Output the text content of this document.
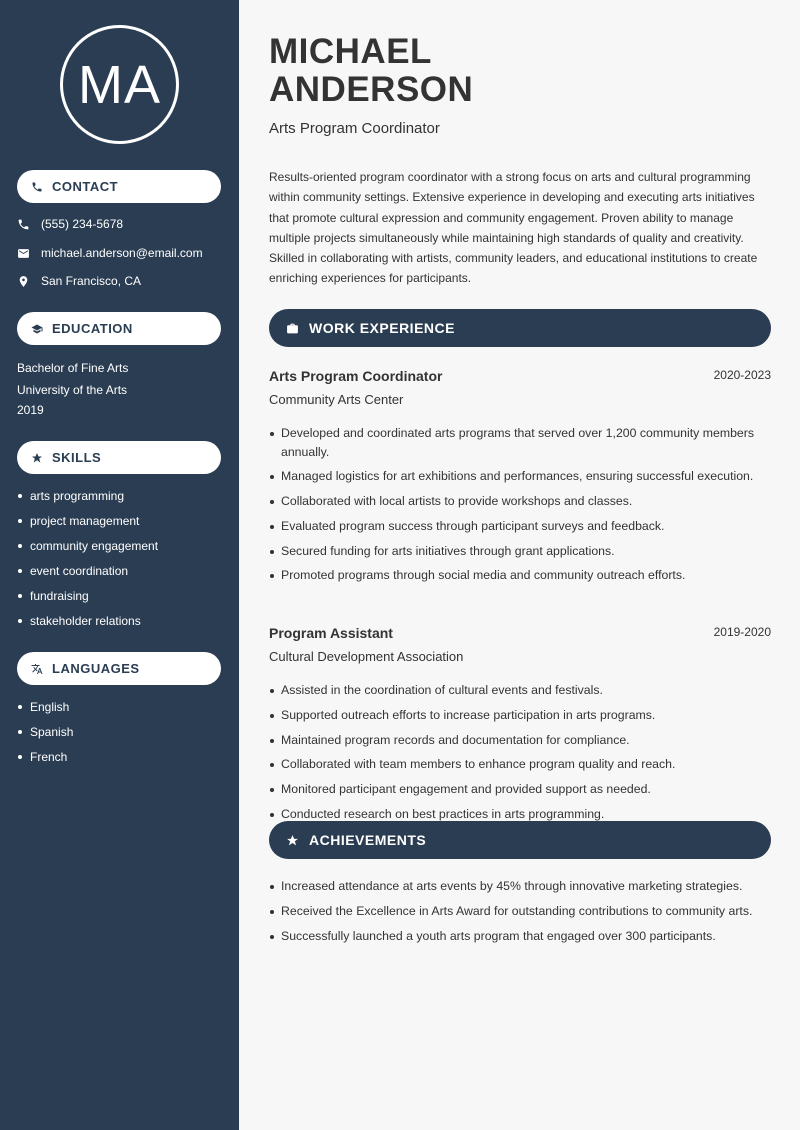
MA
CONTACT
(555) 234-5678
michael.anderson@email.com
San Francisco, CA
EDUCATION
Bachelor of Fine Arts
University of the Arts
2019
SKILLS
arts programming
project management
community engagement
event coordination
fundraising
stakeholder relations
LANGUAGES
English
Spanish
French
MICHAEL
ANDERSON
Arts Program Coordinator

Results-oriented program coordinator with a strong focus on arts and cultural programming within community settings. Extensive experience in developing and executing arts initiatives that promote cultural expression and community engagement. Proven ability to manage multiple projects simultaneously while maintaining high standards of quality and creativity. Skilled in collaborating with artists, community leaders, and educational institutions to create enriching experiences for participants.

WORK EXPERIENCE
Arts Program Coordinator	2020-2023
Community Arts Center
Developed and coordinated arts programs that served over 1,200 community members annually.
Managed logistics for art exhibitions and performances, ensuring successful execution.
Collaborated with local artists to provide workshops and classes.
Evaluated program success through participant surveys and feedback.
Secured funding for arts initiatives through grant applications.
Promoted programs through social media and community outreach efforts.
Program Assistant	2019-2020
Cultural Development Association
Assisted in the coordination of cultural events and festivals.
Supported outreach efforts to increase participation in arts programs.
Maintained program records and documentation for compliance.
Collaborated with team members to enhance program quality and reach.
Monitored participant engagement and provided support as needed.
Conducted research on best practices in arts programming.
ACHIEVEMENTS
Increased attendance at arts events by 45% through innovative marketing strategies.
Received the Excellence in Arts Award for outstanding contributions to community arts.
Successfully launched a youth arts program that engaged over 300 participants.
